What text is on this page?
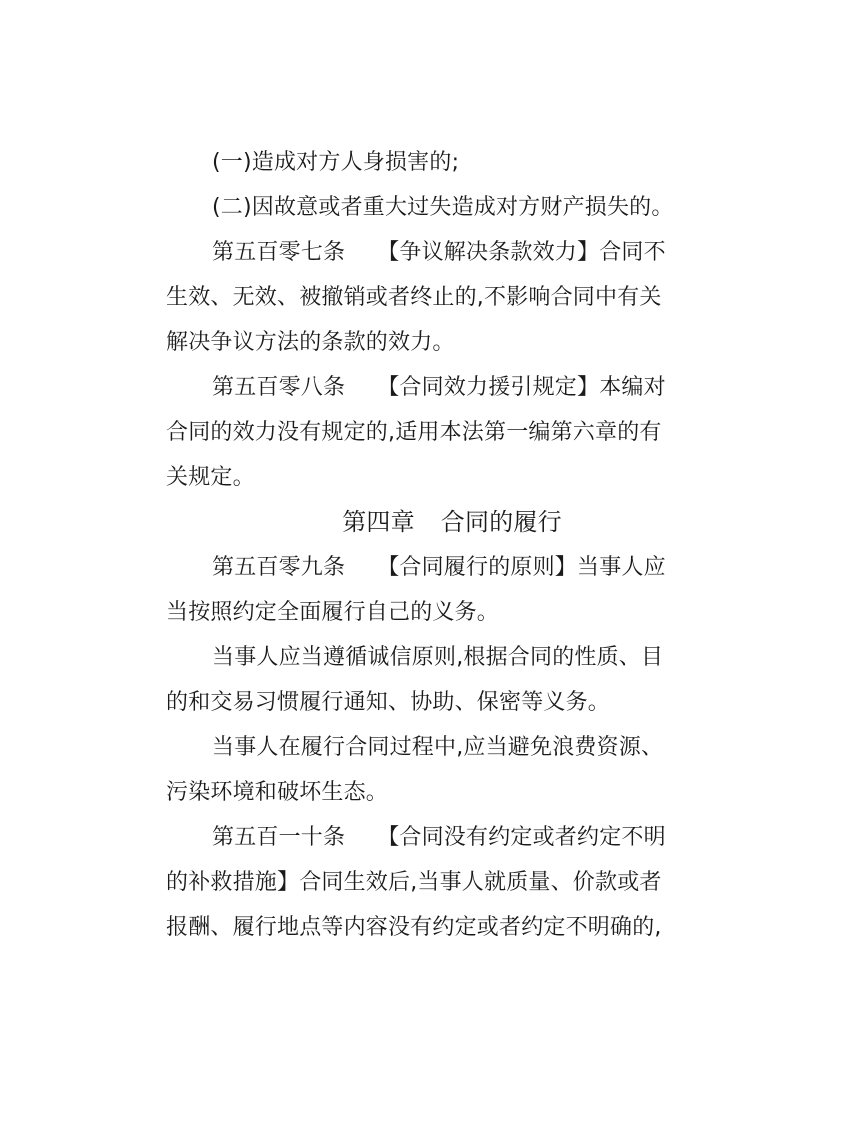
(一)造成对方人身损害的;
(二)因故意或者重大过失造成对方财产损失的。
第五百零七条 【争议解决条款效力】合同不
生效、无效、被撤销或者终止的,不影响合同中有关
解决争议方法的条款的效力。
第五百零八条 【合同效力援引规定】本编对
合同的效力没有规定的,适用本法第一编第六章的有
关规定。
第四章 合同的履行
第五百零九条 【合同履行的原则】当事人应
当按照约定全面履行自己的义务。
当事人应当遵循诚信原则,根据合同的性质、目
的和交易习惯履行通知、协助、保密等义务。
当事人在履行合同过程中,应当避免浪费资源、
污染环境和破坏生态。
第五百一十条 【合同没有约定或者约定不明
的补救措施】合同生效后,当事人就质量、价款或者
报酬、履行地点等内容没有约定或者约定不明确的,
